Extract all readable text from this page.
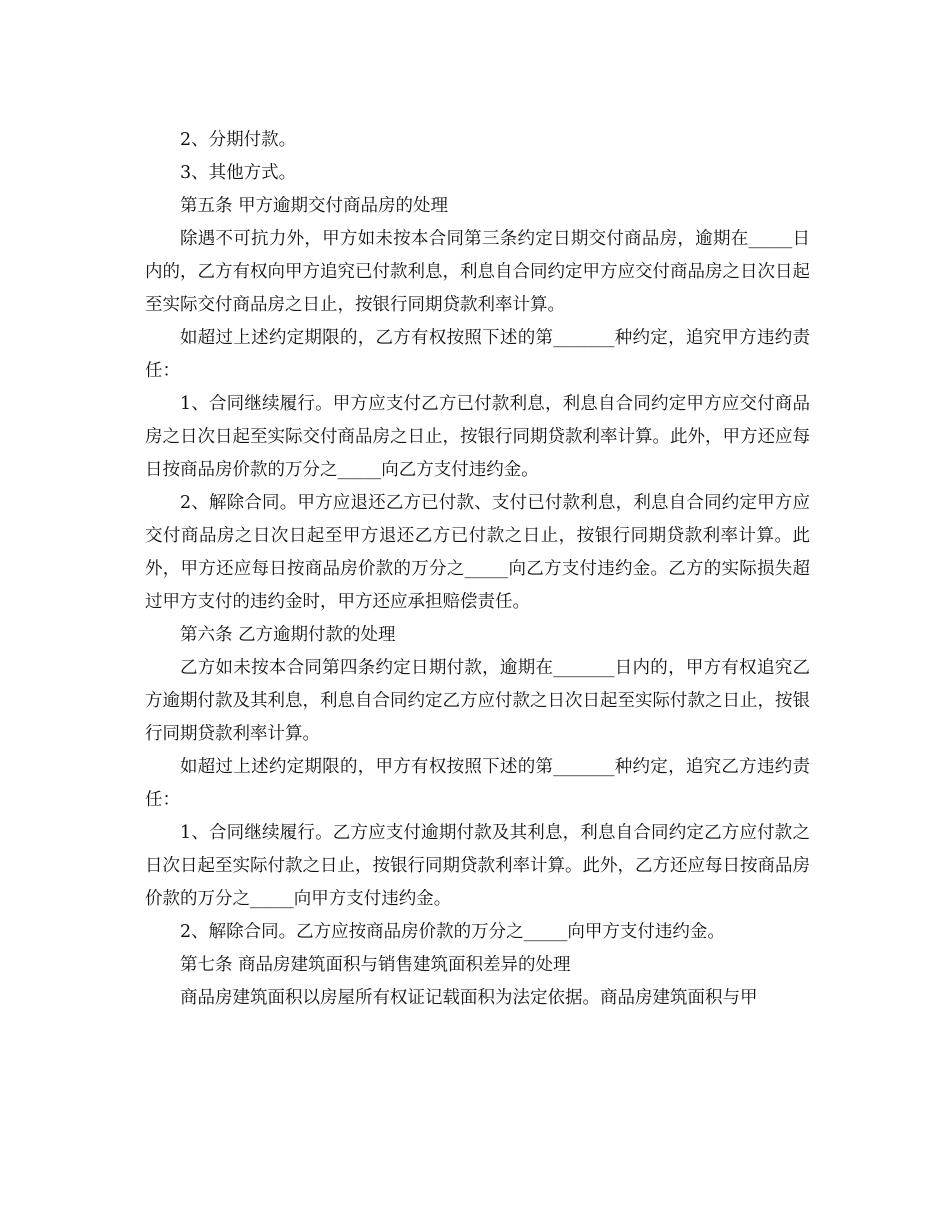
2、分期付款。

3、其他方式。

第五条 甲方逾期交付商品房的处理

除遇不可抗力外，甲方如未按本合同第三条约定日期交付商品房，逾期在_____日内的，乙方有权向甲方追究已付款利息，利息自合同约定甲方应交付商品房之日次日起至实际交付商品房之日止，按银行同期贷款利率计算。

如超过上述约定期限的，乙方有权按照下述的第_______种约定，追究甲方违约责任：

1、合同继续履行。甲方应支付乙方已付款利息，利息自合同约定甲方应交付商品房之日次日起至实际交付商品房之日止，按银行同期贷款利率计算。此外，甲方还应每日按商品房价款的万分之_____向乙方支付违约金。

2、解除合同。甲方应退还乙方已付款、支付已付款利息，利息自合同约定甲方应交付商品房之日次日起至甲方退还乙方已付款之日止，按银行同期贷款利率计算。此外，甲方还应每日按商品房价款的万分之_____向乙方支付违约金。乙方的实际损失超过甲方支付的违约金时，甲方还应承担赔偿责任。

第六条 乙方逾期付款的处理

乙方如未按本合同第四条约定日期付款，逾期在_______日内的，甲方有权追究乙方逾期付款及其利息，利息自合同约定乙方应付款之日次日起至实际付款之日止，按银行同期贷款利率计算。

如超过上述约定期限的，甲方有权按照下述的第_______种约定，追究乙方违约责任：

1、合同继续履行。乙方应支付逾期付款及其利息，利息自合同约定乙方应付款之日次日起至实际付款之日止，按银行同期贷款利率计算。此外，乙方还应每日按商品房价款的万分之_____向甲方支付违约金。

2、解除合同。乙方应按商品房价款的万分之_____向甲方支付违约金。

第七条 商品房建筑面积与销售建筑面积差异的处理

商品房建筑面积以房屋所有权证记载面积为法定依据。商品房建筑面积与甲
